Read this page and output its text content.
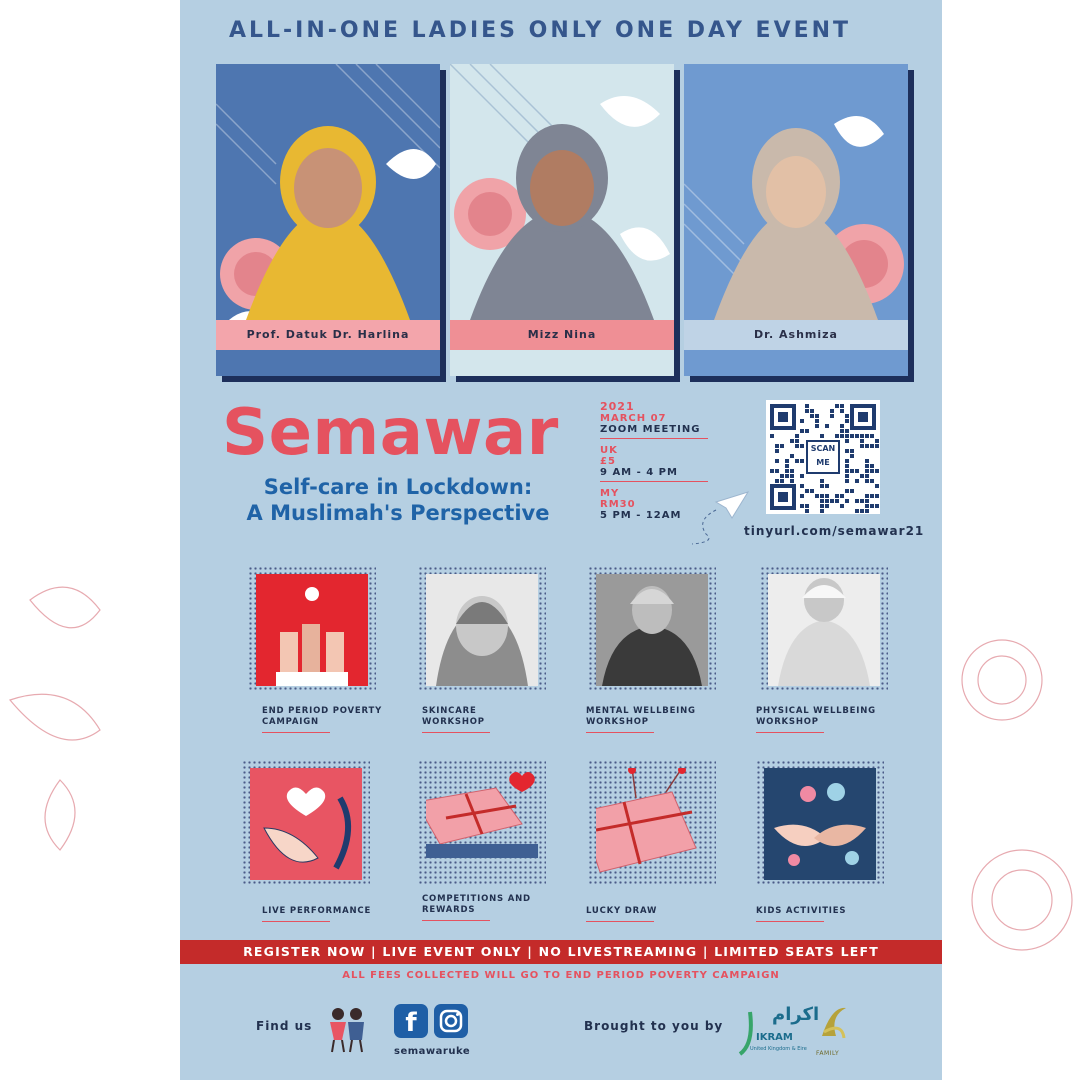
ALL-IN-ONE LADIES ONLY ONE DAY EVENT
Prof. Datuk Dr. Harlina	Mizz Nina	Dr. Ashmiza
Semawar
Self-care in Lockdown:
A Muslimah's Perspective
2021
MARCH 07
ZOOM MEETING
UK
£5
9 AM - 4 PM
MY
RM30
5 PM - 12AM
SCAN
ME
tinyurl.com/semawar21
END PERIOD POVERTY
CAMPAIGN
SKINCARE
WORKSHOP
MENTAL WELLBEING
WORKSHOP
PHYSICAL WELLBEING
WORKSHOP
LIVE PERFORMANCE
COMPETITIONS AND
REWARDS	LUCKY DRAW	KIDS ACTIVITIES
REGISTER NOW | LIVE EVENT ONLY | NO LIVESTREAMING | LIMITED SEATS LEFT
ALL FEES COLLECTED WILL GO TO END PERIOD POVERTY CAMPAIGN
Find us	f
semawaruke
Brought to you by
اكرام
IKRAM
United Kingdom & Eire
FAMILY
